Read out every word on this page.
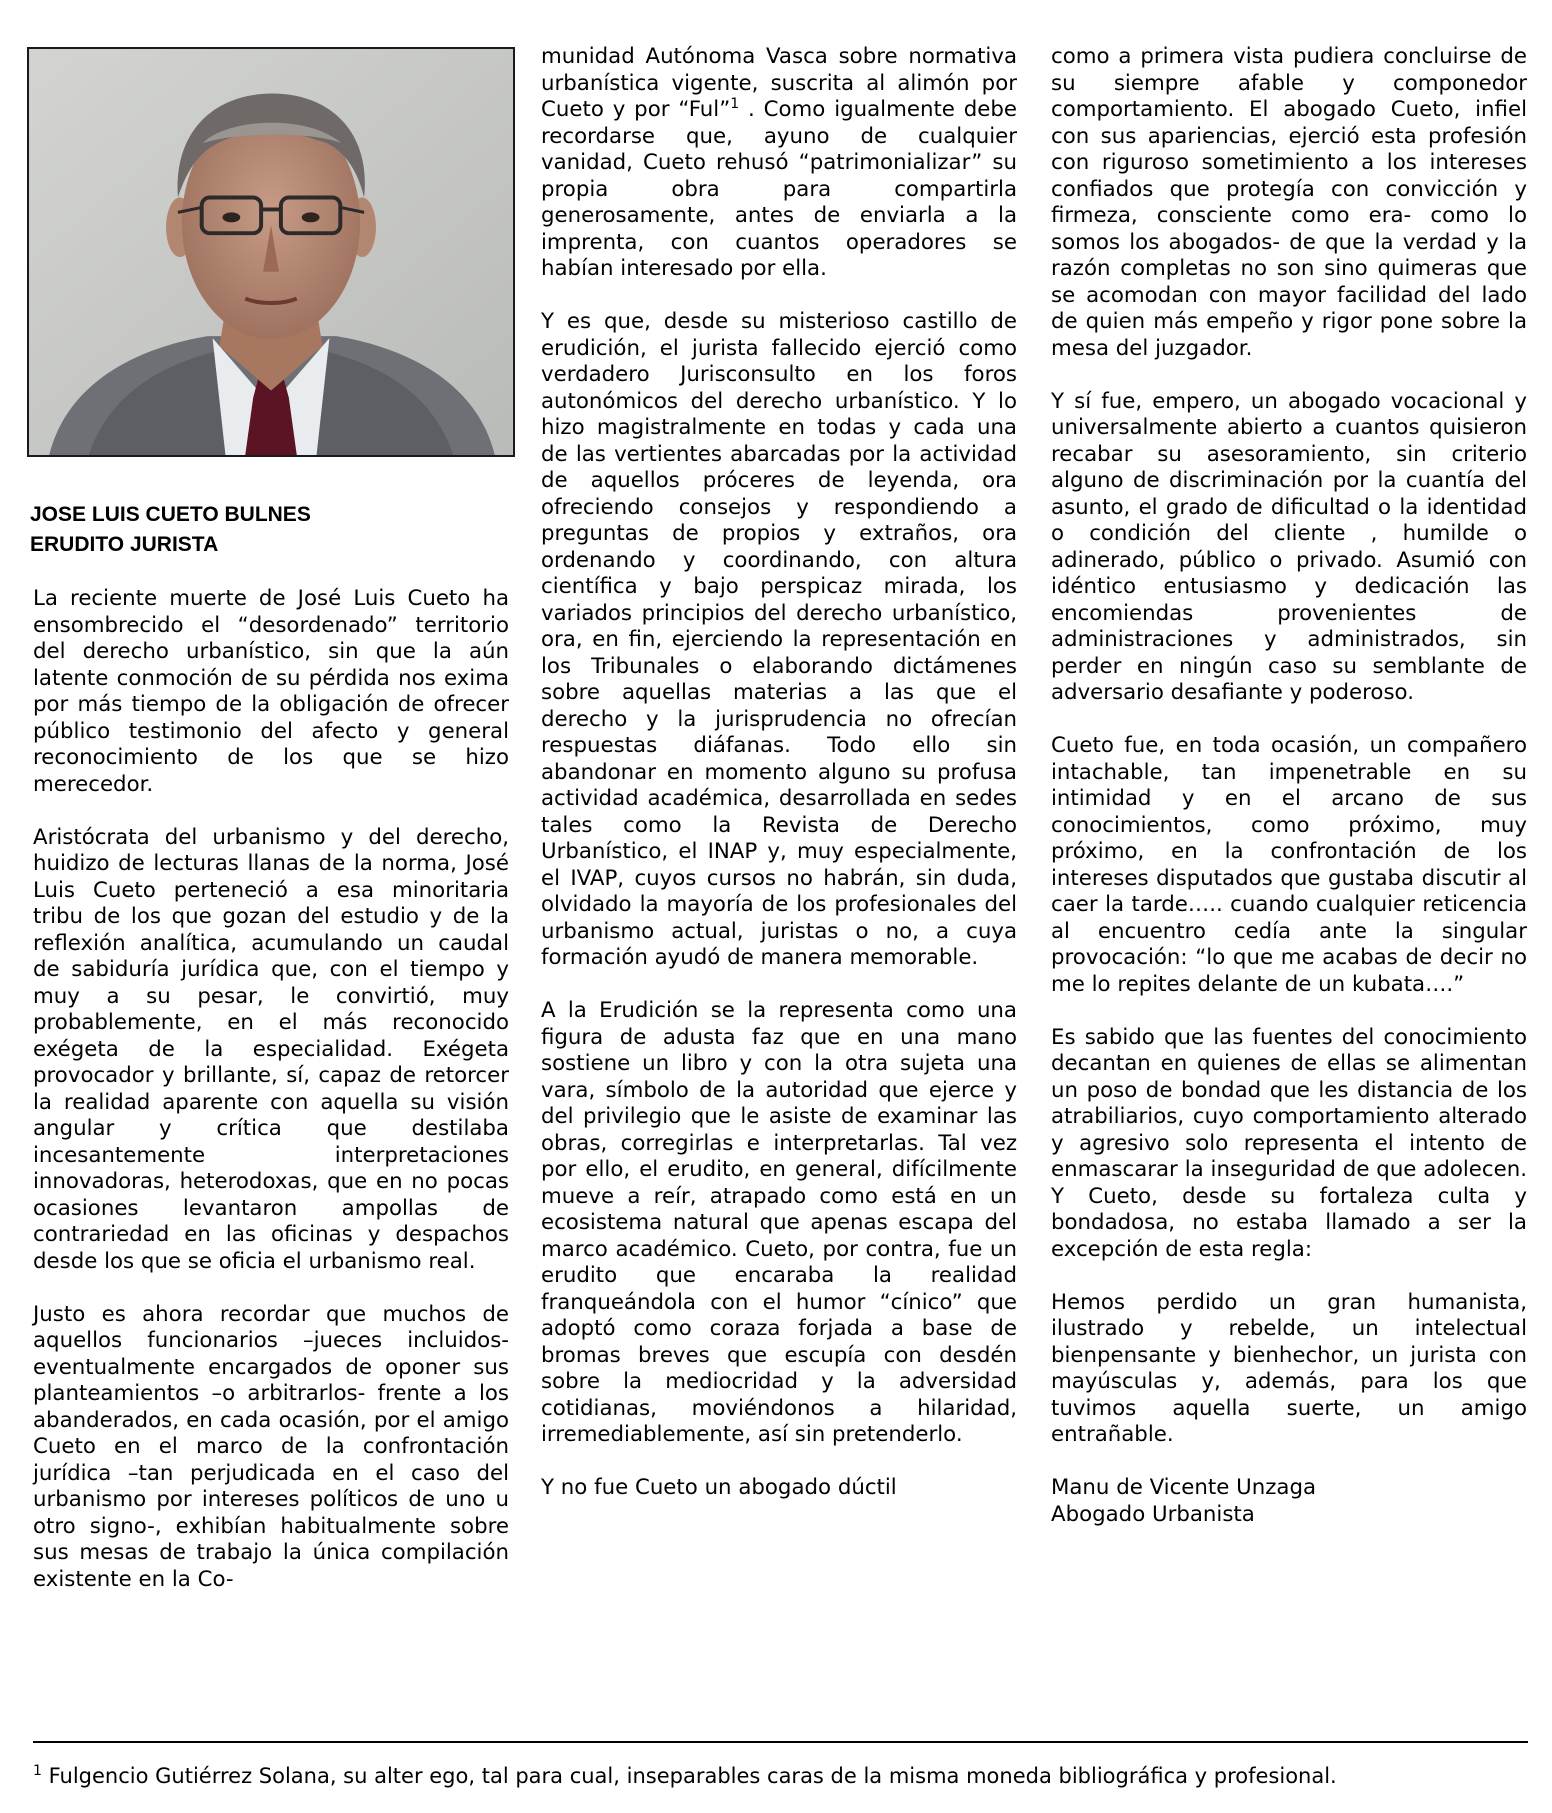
JOSE LUIS CUETO BULNES
ERUDITO JURISTA

La reciente muerte de José Luis Cueto ha ensombrecido el “desordenado” territorio del derecho urbanístico, sin que la aún latente conmoción de su pérdida nos exima por más tiempo de la obligación de ofrecer público testimonio del afecto y general reconocimiento de los que se hizo merecedor.

Aristócrata del urbanismo y del derecho, huidizo de lecturas llanas de la norma, José Luis Cueto perteneció a esa minoritaria tribu de los que gozan del estudio y de la reflexión analítica, acumulando un caudal de sabiduría jurídica que, con el tiempo y muy a su pesar, le convirtió, muy probablemente, en el más reconocido exégeta de la especialidad. Exégeta provocador y brillante, sí, capaz de retorcer la realidad aparente con aquella su visión angular y crítica que destilaba incesantemente interpretaciones innovadoras, heterodoxas, que en no pocas ocasiones levantaron ampollas de contrariedad en las oficinas y despachos desde los que se oficia el urbanismo real.

Justo es ahora recordar que muchos de aquellos funcionarios –jueces incluidos- eventualmente encargados de oponer sus planteamientos –o arbitrarlos- frente a los abanderados, en cada ocasión, por el amigo Cueto en el marco de la confrontación jurídica –tan perjudicada en el caso del urbanismo por intereses políticos de uno u otro signo-, exhibían habitualmente sobre sus mesas de trabajo la única compilación existente en la Co-

munidad Autónoma Vasca sobre normativa urbanística vigente, suscrita al alimón por Cueto y por “Ful”$^1$ . Como igualmente debe recordarse que, ayuno de cualquier vanidad, Cueto rehusó “patrimonializar” su propia obra para compartirla generosamente, antes de enviarla a la imprenta, con cuantos operadores se habían interesado por ella.

Y es que, desde su misterioso castillo de erudición, el jurista fallecido ejerció como verdadero Jurisconsulto en los foros autonómicos del derecho urbanístico. Y lo hizo magistralmente en todas y cada una de las vertientes abarcadas por la actividad de aquellos próceres de leyenda, ora ofreciendo consejos y respondiendo a preguntas de propios y extraños, ora ordenando y coordinando, con altura científica y bajo perspicaz mirada, los variados principios del derecho urbanístico, ora, en fin, ejerciendo la representación en los Tribunales o elaborando dictámenes sobre aquellas materias a las que el derecho y la jurisprudencia no ofrecían respuestas diáfanas. Todo ello sin abandonar en momento alguno su profusa actividad académica, desarrollada en sedes tales como la Revista de Derecho Urbanístico, el INAP y, muy especialmente, el IVAP, cuyos cursos no habrán, sin duda, olvidado la mayoría de los profesionales del urbanismo actual, juristas o no, a cuya formación ayudó de manera memorable.

A la Erudición se la representa como una figura de adusta faz que en una mano sostiene un libro y con la otra sujeta una vara, símbolo de la autoridad que ejerce y del privilegio que le asiste de examinar las obras, corregirlas e interpretarlas. Tal vez por ello, el erudito, en general, difícilmente mueve a reír, atrapado como está en un ecosistema natural que apenas escapa del marco académico. Cueto, por contra, fue un erudito que encaraba la realidad franqueándola con el humor “cínico” que adoptó como coraza forjada a base de bromas breves que escupía con desdén sobre la mediocridad y la adversidad cotidianas, moviéndonos a hilaridad, irremediablemente, así sin pretenderlo.

Y no fue Cueto un abogado dúctil

como a primera vista pudiera concluirse de su siempre afable y componedor comportamiento. El abogado Cueto, infiel con sus apariencias, ejerció esta profesión con riguroso sometimiento a los intereses confiados que protegía con convicción y firmeza, consciente como era- como lo somos los abogados- de que la verdad y la razón completas no son sino quimeras que se acomodan con mayor facilidad del lado de quien más empeño y rigor pone sobre la mesa del juzgador.

Y sí fue, empero, un abogado vocacional y universalmente abierto a cuantos quisieron recabar su asesoramiento, sin criterio alguno de discriminación por la cuantía del asunto, el grado de dificultad o la identidad o condición del cliente , humilde o adinerado, público o privado. Asumió con idéntico entusiasmo y dedicación las encomiendas provenientes de administraciones y administrados, sin perder en ningún caso su semblante de adversario desafiante y poderoso.

Cueto fue, en toda ocasión, un compañero intachable, tan impenetrable en su intimidad y en el arcano de sus conocimientos, como próximo, muy próximo, en la confrontación de los intereses disputados que gustaba discutir al caer la tarde….. cuando cualquier reticencia al encuentro cedía ante la singular provocación: “lo que me acabas de decir no me lo repites delante de un kubata….”

Es sabido que las fuentes del conocimiento decantan en quienes de ellas se alimentan un poso de bondad que les distancia de los atrabiliarios, cuyo comportamiento alterado y agresivo solo representa el intento de enmascarar la inseguridad de que adolecen. Y Cueto, desde su fortaleza culta y bondadosa, no estaba llamado a ser la excepción de esta regla:

Hemos perdido un gran humanista, ilustrado y rebelde, un intelectual bienpensante y bienhechor, un jurista con mayúsculas y, además, para los que tuvimos aquella suerte, un amigo entrañable.

Manu de Vicente Unzaga
Abogado Urbanista
$^1$ Fulgencio Gutiérrez Solana, su alter ego, tal para cual, inseparables caras de la misma moneda bibliográfica y profesional.
